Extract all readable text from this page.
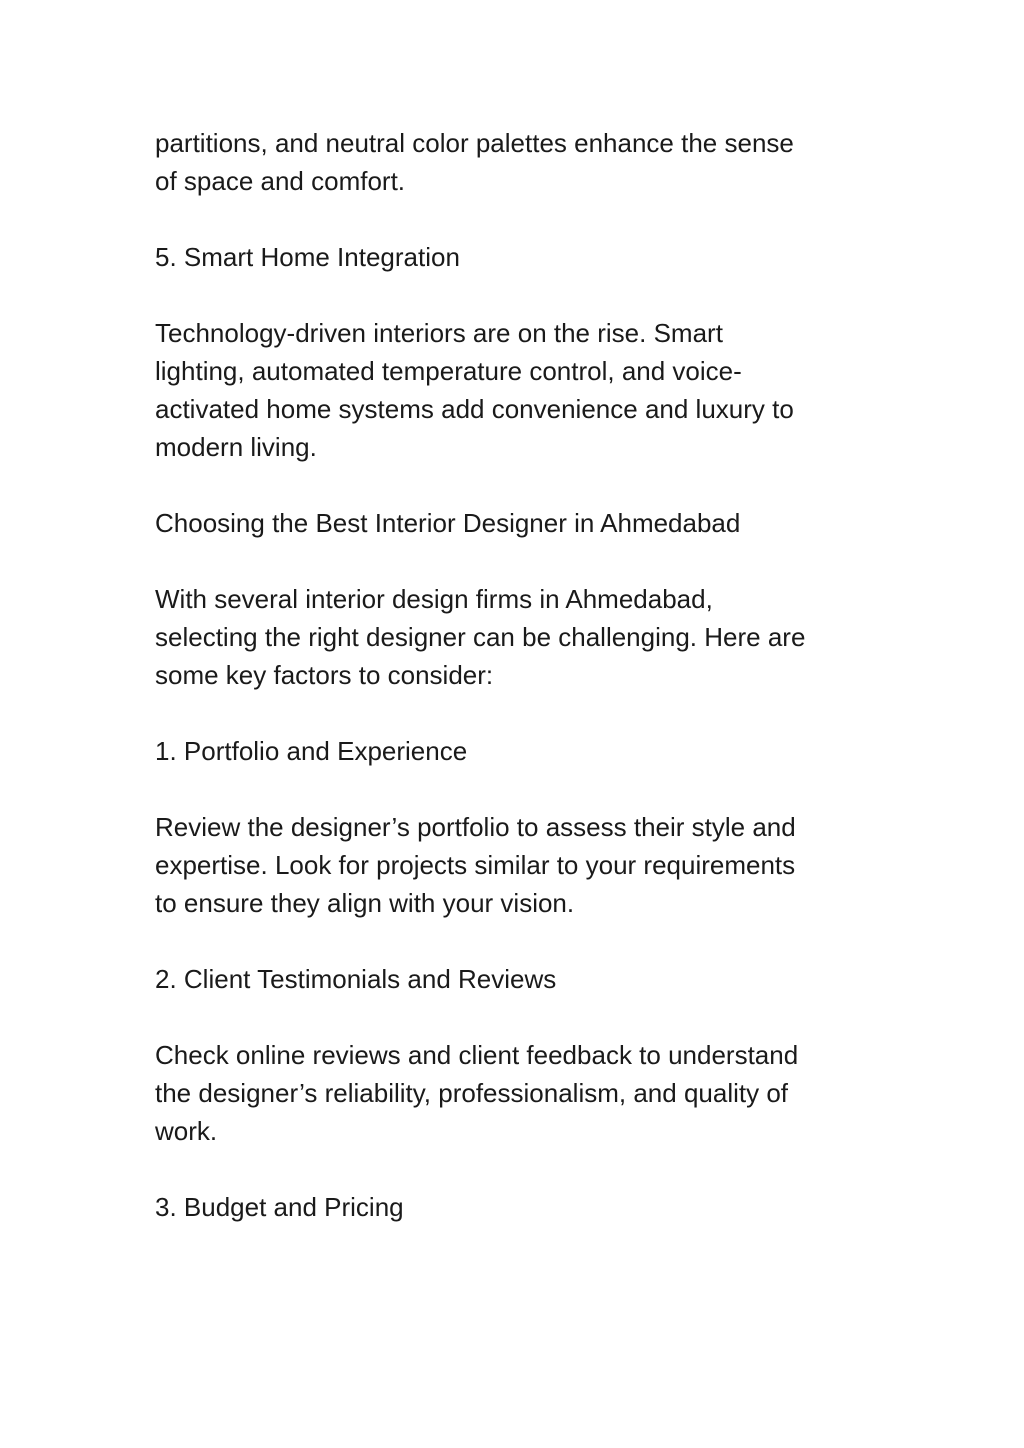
partitions, and neutral color palettes enhance the sense
of space and comfort.

5. Smart Home Integration

Technology-driven interiors are on the rise. Smart
lighting, automated temperature control, and voice-
activated home systems add convenience and luxury to
modern living.

Choosing the Best Interior Designer in Ahmedabad

With several interior design firms in Ahmedabad,
selecting the right designer can be challenging. Here are
some key factors to consider:

1. Portfolio and Experience

Review the designer’s portfolio to assess their style and
expertise. Look for projects similar to your requirements
to ensure they align with your vision.

2. Client Testimonials and Reviews

Check online reviews and client feedback to understand
the designer’s reliability, professionalism, and quality of
work.

3. Budget and Pricing
